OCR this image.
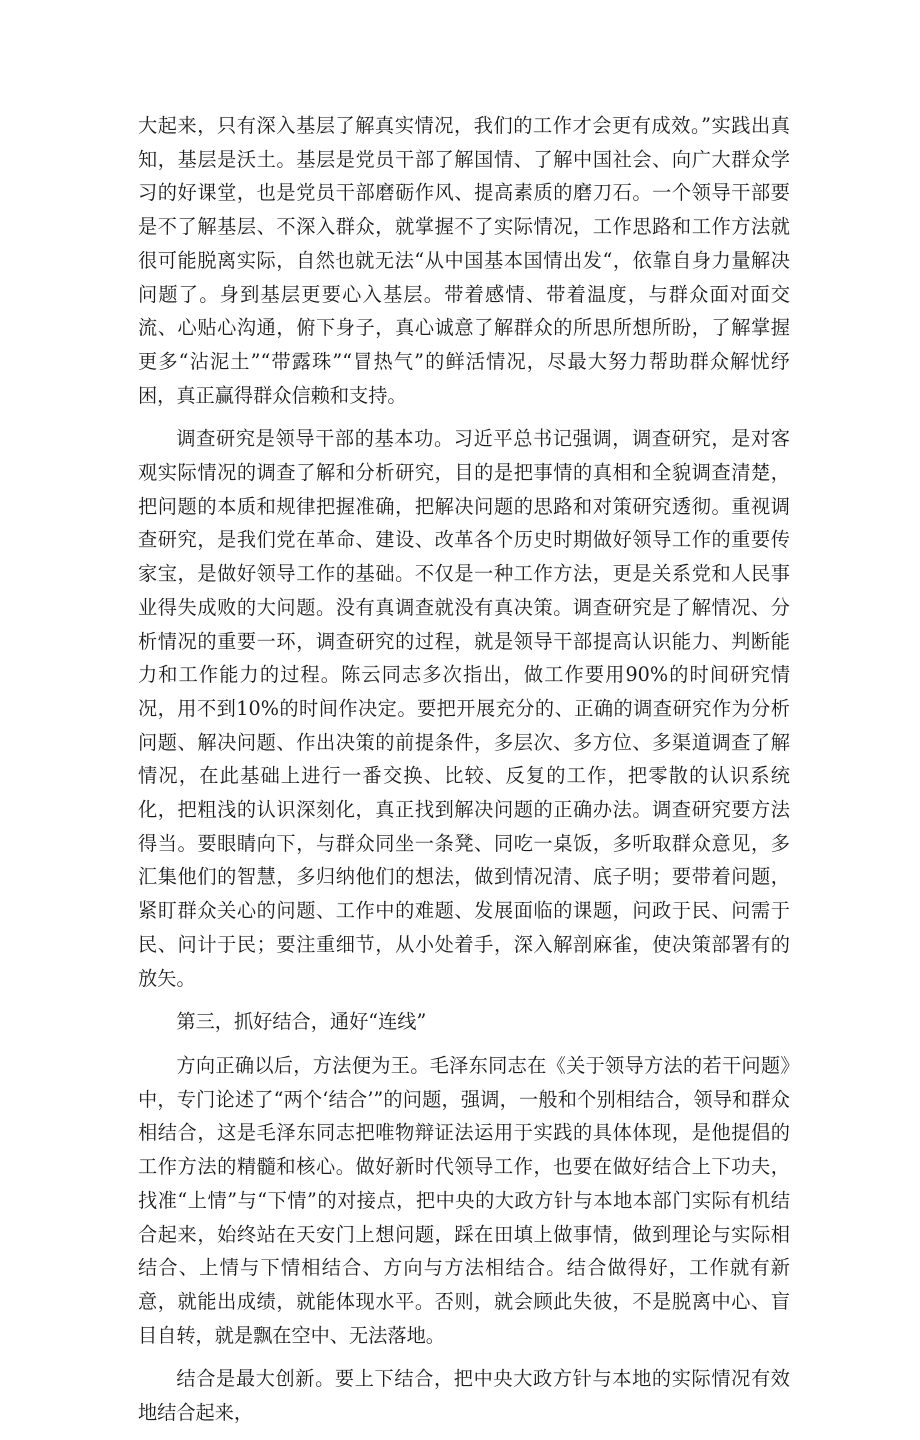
大起来，只有深入基层了解真实情况，我们的工作才会更有成效。”实践出真知，基层是沃土。基层是党员干部了解国情、了解中国社会、向广大群众学习的好课堂，也是党员干部磨砺作风、提高素质的磨刀石。一个领导干部要是不了解基层、不深入群众，就掌握不了实际情况，工作思路和工作方法就很可能脱离实际，自然也就无法“从中国基本国情出发“，依靠自身力量解决问题了。身到基层更要心入基层。带着感情、带着温度，与群众面对面交流、心贴心沟通，俯下身子，真心诚意了解群众的所思所想所盼，了解掌握更多“沾泥土”“带露珠”“冒热气”的鲜活情况，尽最大努力帮助群众解忧纾困，真正赢得群众信赖和支持。

调查研究是领导干部的基本功。习近平总书记强调，调查研究，是对客观实际情况的调查了解和分析研究，目的是把事情的真相和全貌调查清楚，把问题的本质和规律把握准确，把解决问题的思路和对策研究透彻。重视调查研究，是我们党在革命、建设、改革各个历史时期做好领导工作的重要传家宝，是做好领导工作的基础。不仅是一种工作方法，更是关系党和人民事业得失成败的大问题。没有真调查就没有真决策。调查研究是了解情况、分析情况的重要一环，调查研究的过程，就是领导干部提高认识能力、判断能力和工作能力的过程。陈云同志多次指出，做工作要用90%的时间研究情况，用不到10%的时间作决定。要把开展充分的、正确的调查研究作为分析问题、解决问题、作出决策的前提条件，多层次、多方位、多渠道调查了解情况，在此基础上进行一番交换、比较、反复的工作，把零散的认识系统化，把粗浅的认识深刻化，真正找到解决问题的正确办法。调查研究要方法得当。要眼睛向下，与群众同坐一条凳、同吃一桌饭，多听取群众意见，多汇集他们的智慧，多归纳他们的想法，做到情况清、底子明；要带着问题，紧盯群众关心的问题、工作中的难题、发展面临的课题，问政于民、问需于民、问计于民；要注重细节，从小处着手，深入解剖麻雀，使决策部署有的放矢。

第三，抓好结合，通好“连线”

方向正确以后，方法便为王。毛泽东同志在《关于领导方法的若干问题》中，专门论述了“两个‘结合’”的问题，强调，一般和个别相结合，领导和群众相结合，这是毛泽东同志把唯物辩证法运用于实践的具体体现，是他提倡的工作方法的精髓和核心。做好新时代领导工作，也要在做好结合上下功夫，找准“上情”与“下情”的对接点，把中央的大政方针与本地本部门实际有机结合起来，始终站在天安门上想问题，踩在田填上做事情，做到理论与实际相结合、上情与下情相结合、方向与方法相结合。结合做得好，工作就有新意，就能出成绩，就能体现水平。否则，就会顾此失彼，不是脱离中心、盲目自转，就是飘在空中、无法落地。

结合是最大创新。要上下结合，把中央大政方针与本地的实际情况有效地结合起来，
